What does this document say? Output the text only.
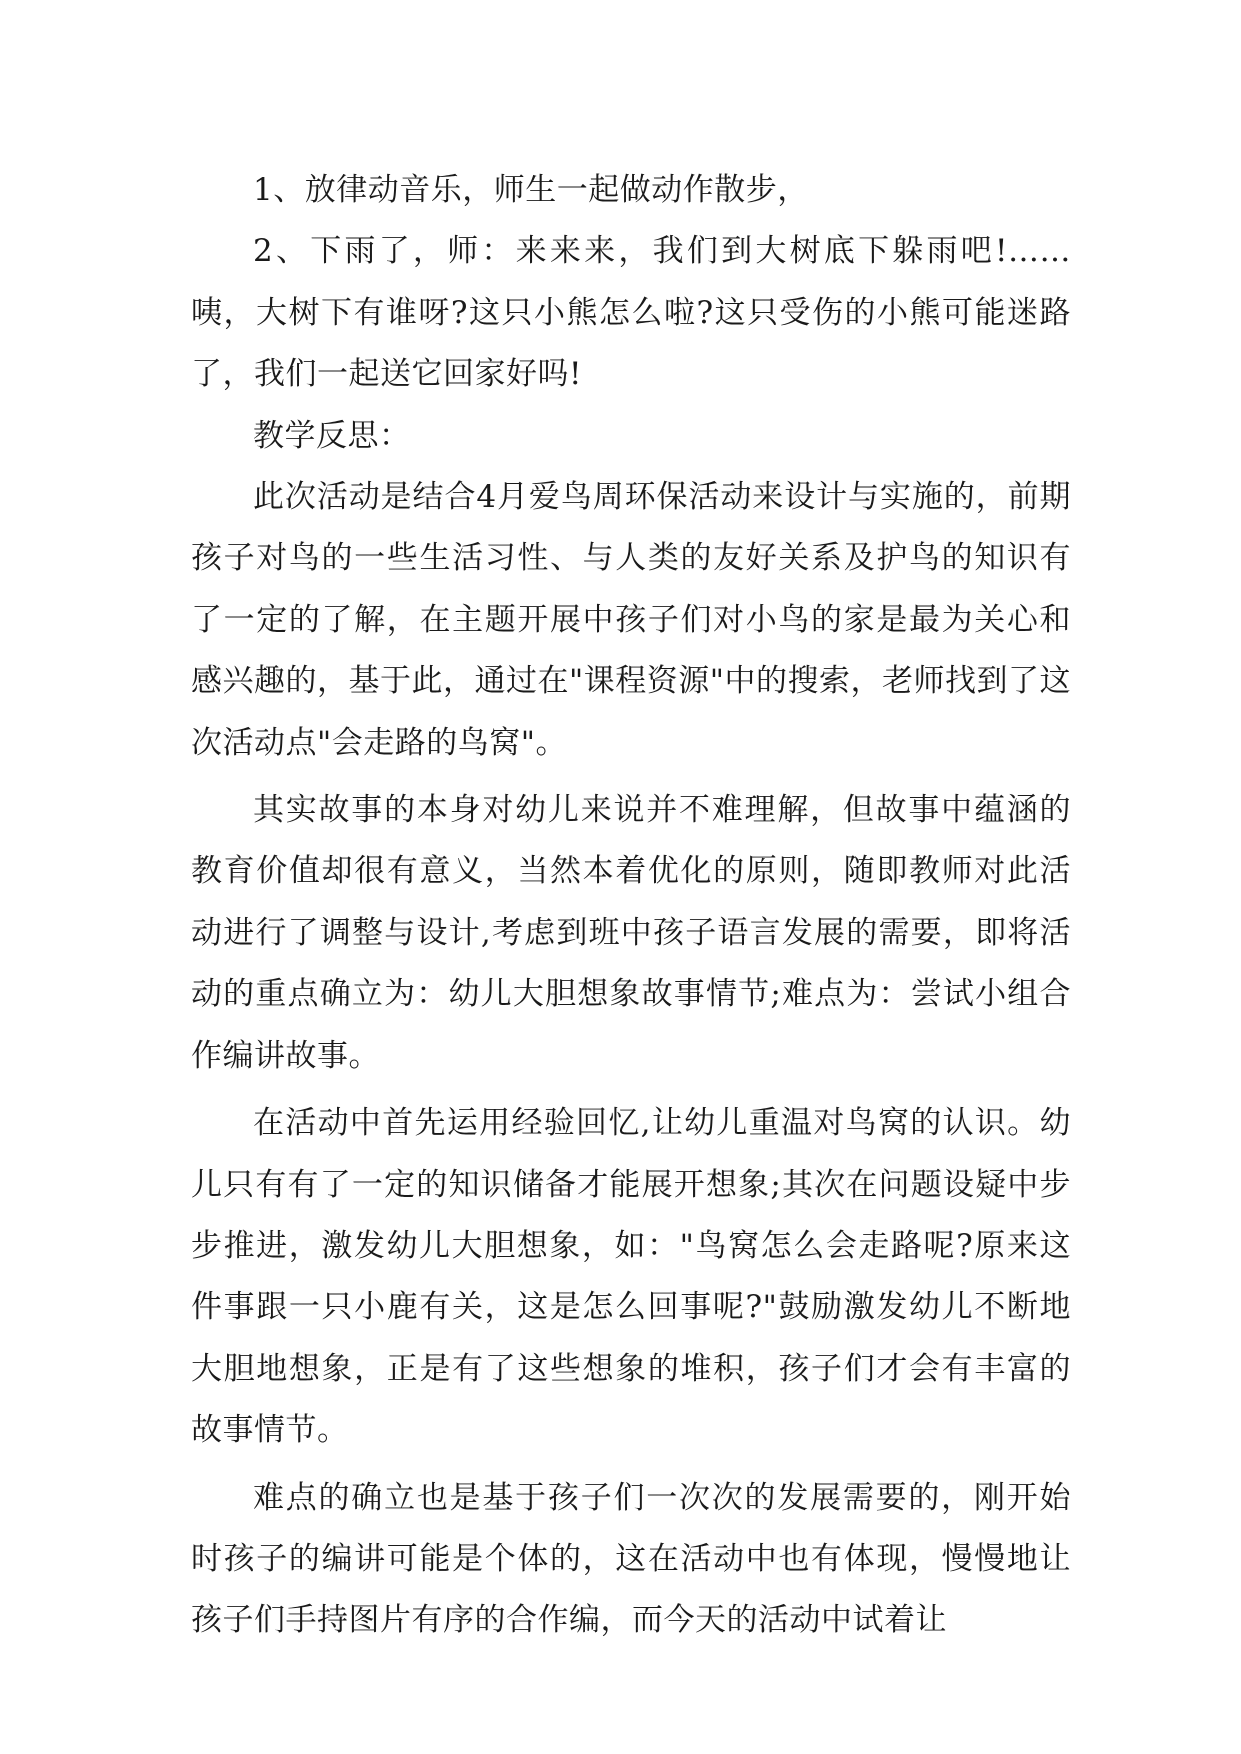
1、放律动音乐，师生一起做动作散步，

2、下雨了，师：来来来，我们到大树底下躲雨吧!……咦，大树下有谁呀?这只小熊怎么啦?这只受伤的小熊可能迷路了，我们一起送它回家好吗!

教学反思：

此次活动是结合4月爱鸟周环保活动来设计与实施的，前期孩子对鸟的一些生活习性、与人类的友好关系及护鸟的知识有了一定的了解，在主题开展中孩子们对小鸟的家是最为关心和感兴趣的，基于此，通过在"课程资源"中的搜索，老师找到了这次活动点"会走路的鸟窝"。

其实故事的本身对幼儿来说并不难理解，但故事中蕴涵的教育价值却很有意义，当然本着优化的原则，随即教师对此活动进行了调整与设计,考虑到班中孩子语言发展的需要，即将活动的重点确立为：幼儿大胆想象故事情节;难点为：尝试小组合作编讲故事。

在活动中首先运用经验回忆,让幼儿重温对鸟窝的认识。幼儿只有有了一定的知识储备才能展开想象;其次在问题设疑中步步推进，激发幼儿大胆想象，如："鸟窝怎么会走路呢?原来这件事跟一只小鹿有关，这是怎么回事呢?"鼓励激发幼儿不断地大胆地想象，正是有了这些想象的堆积，孩子们才会有丰富的故事情节。

难点的确立也是基于孩子们一次次的发展需要的，刚开始时孩子的编讲可能是个体的，这在活动中也有体现，慢慢地让孩子们手持图片有序的合作编，而今天的活动中试着让
